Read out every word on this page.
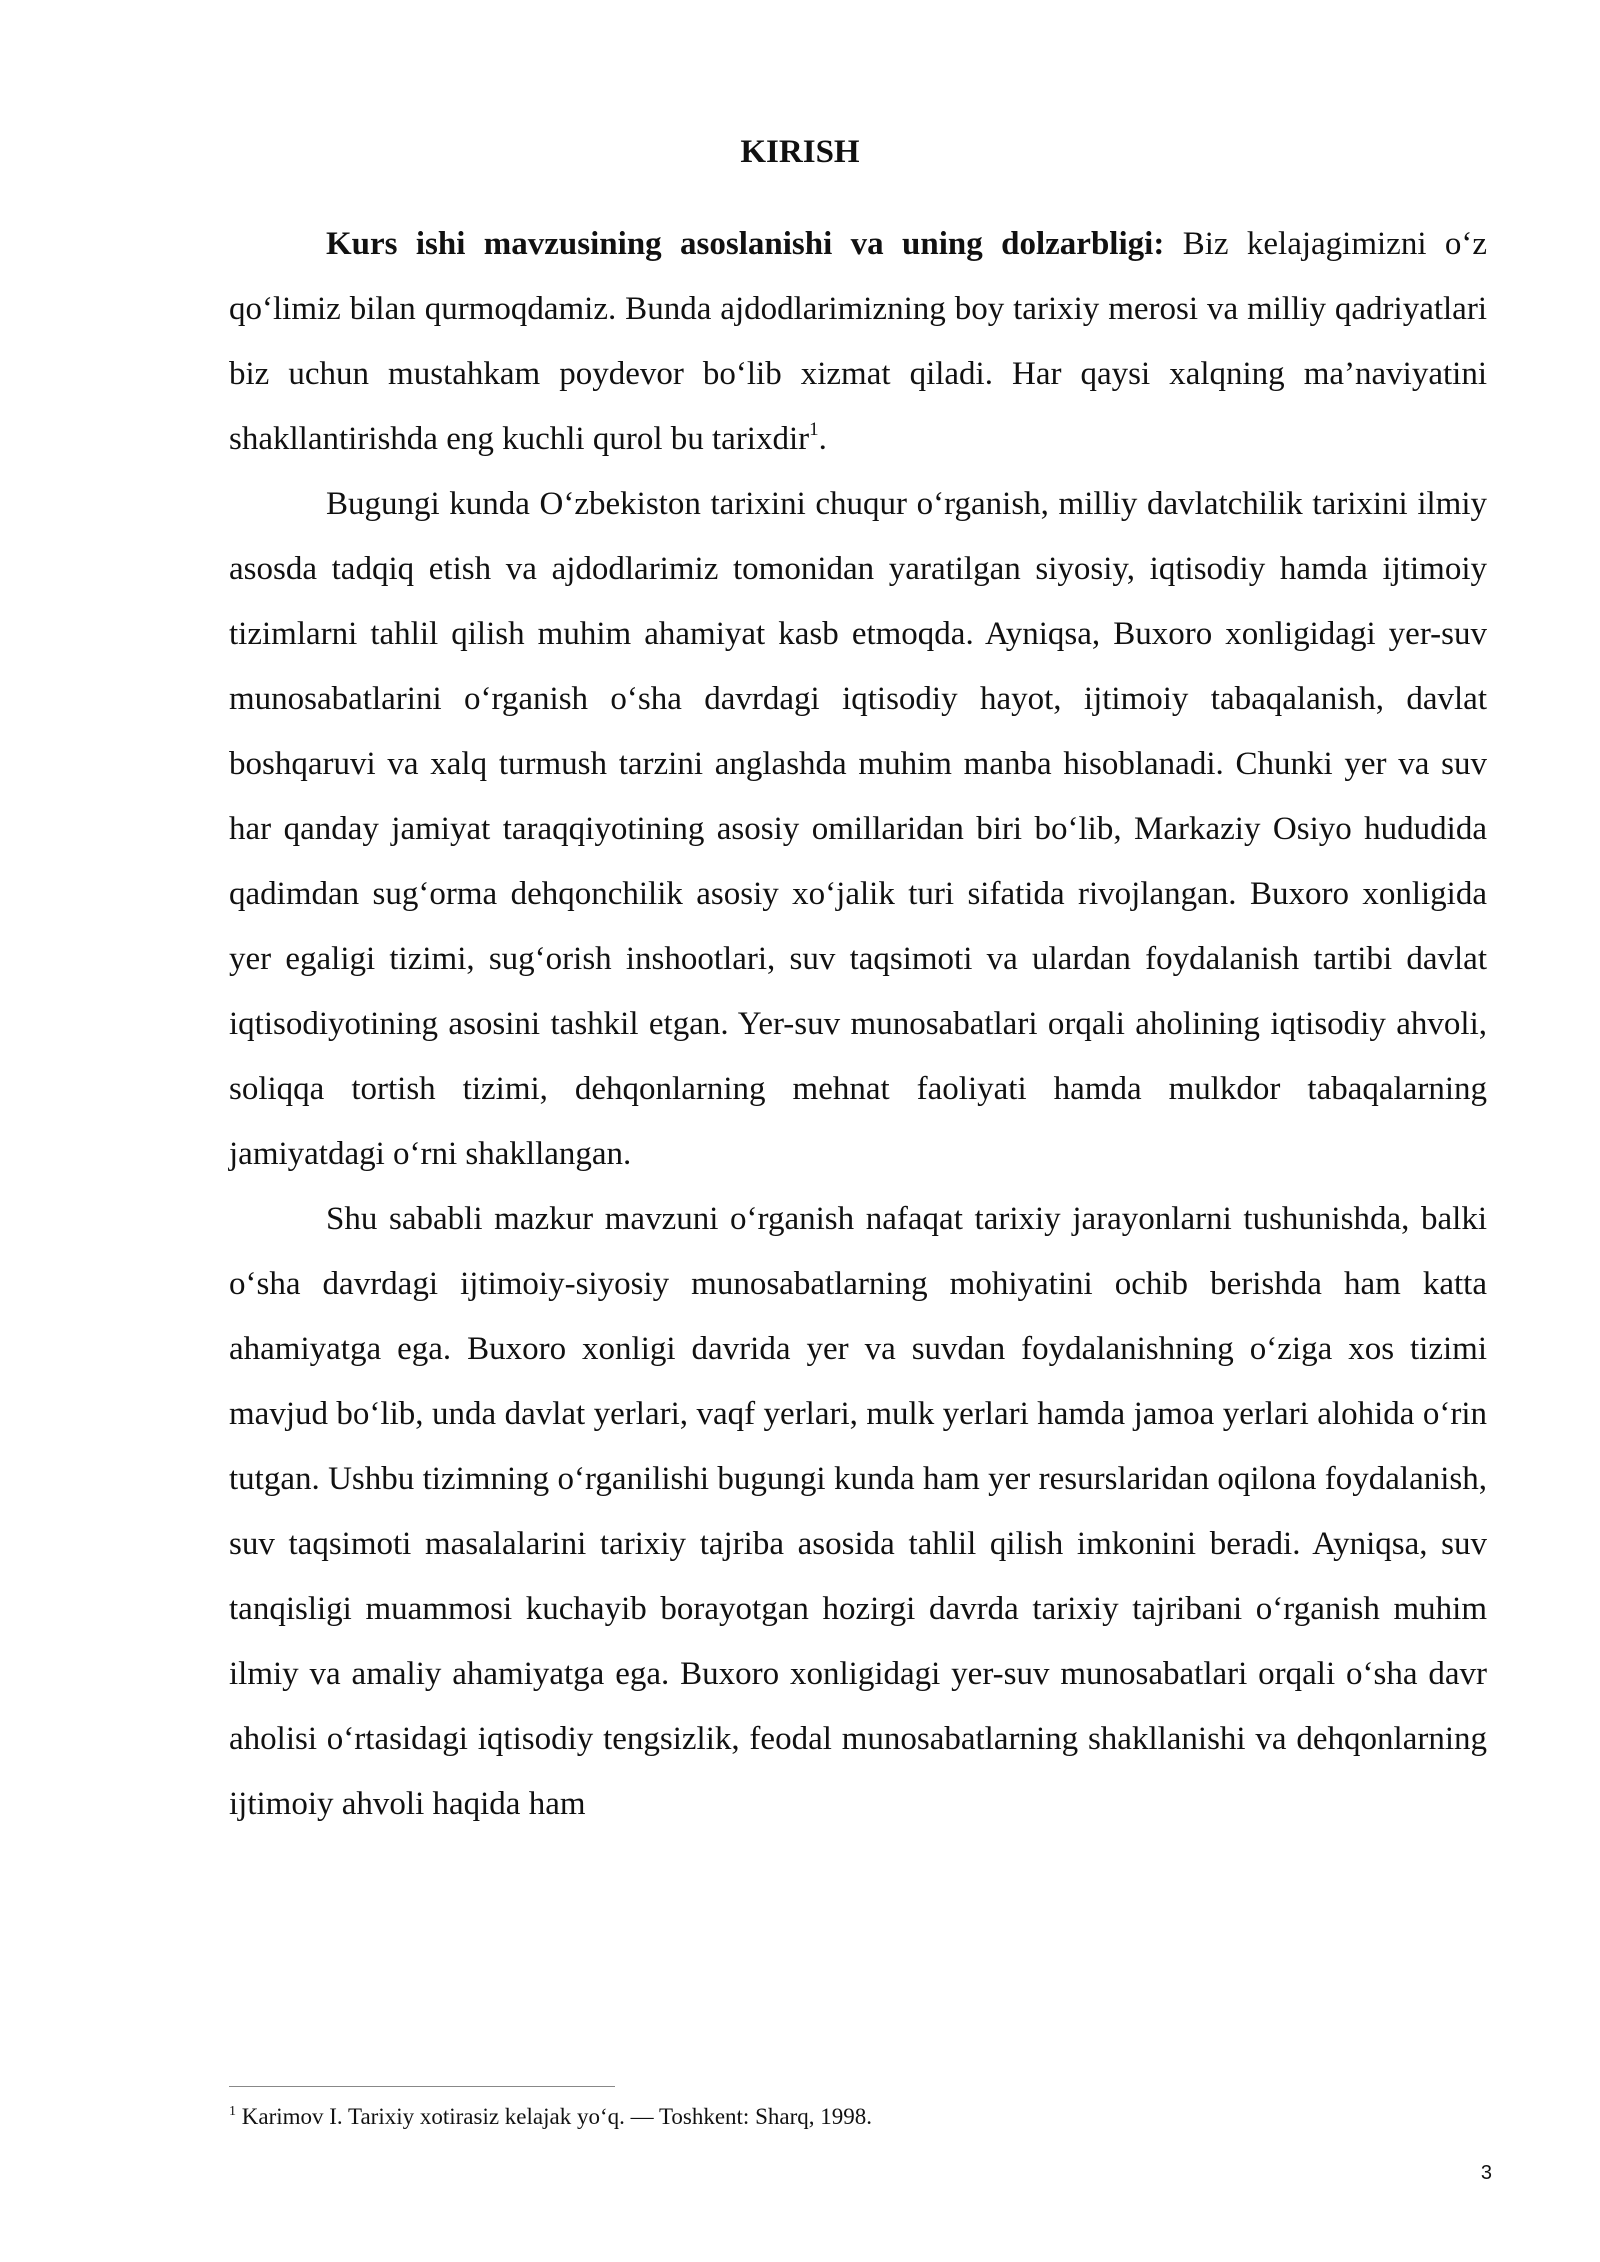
KIRISH

Kurs ishi mavzusining asoslanishi va uning dolzarbligi: Biz kelajagimizni o‘z qo‘limiz bilan qurmoqdamiz. Bunda ajdodlarimizning boy tarixiy merosi va milliy qadriyatlari biz uchun mustahkam poydevor bo‘lib xizmat qiladi. Har qaysi xalqning ma’naviyatini shakllantirishda eng kuchli qurol bu tarixdir$^1$.

Bugungi kunda O‘zbekiston tarixini chuqur o‘rganish, milliy davlatchilik tarixini ilmiy asosda tadqiq etish va ajdodlarimiz tomonidan yaratilgan siyosiy, iqtisodiy hamda ijtimoiy tizimlarni tahlil qilish muhim ahamiyat kasb etmoqda. Ayniqsa, Buxoro xonligidagi yer-suv munosabatlarini o‘rganish o‘sha davrdagi iqtisodiy hayot, ijtimoiy tabaqalanish, davlat boshqaruvi va xalq turmush tarzini anglashda muhim manba hisoblanadi. Chunki yer va suv har qanday jamiyat taraqqiyotining asosiy omillaridan biri bo‘lib, Markaziy Osiyo hududida qadimdan sug‘orma dehqonchilik asosiy xo‘jalik turi sifatida rivojlangan. Buxoro xonligida yer egaligi tizimi, sug‘orish inshootlari, suv taqsimoti va ulardan foydalanish tartibi davlat iqtisodiyotining asosini tashkil etgan. Yer-suv munosabatlari orqali aholining iqtisodiy ahvoli, soliqqa tortish tizimi, dehqonlarning mehnat faoliyati hamda mulkdor tabaqalarning jamiyatdagi o‘rni shakllangan.

Shu sababli mazkur mavzuni o‘rganish nafaqat tarixiy jarayonlarni tushunishda, balki o‘sha davrdagi ijtimoiy-siyosiy munosabatlarning mohiyatini ochib berishda ham katta ahamiyatga ega. Buxoro xonligi davrida yer va suvdan foydalanishning o‘ziga xos tizimi mavjud bo‘lib, unda davlat yerlari, vaqf yerlari, mulk yerlari hamda jamoa yerlari alohida o‘rin tutgan. Ushbu tizimning o‘rganilishi bugungi kunda ham yer resurslaridan oqilona foydalanish, suv taqsimoti masalalarini tarixiy tajriba asosida tahlil qilish imkonini beradi. Ayniqsa, suv tanqisligi muammosi kuchayib borayotgan hozirgi davrda tarixiy tajribani o‘rganish muhim ilmiy va amaliy ahamiyatga ega. Buxoro xonligidagi yer-suv munosabatlari orqali o‘sha davr aholisi o‘rtasidagi iqtisodiy tengsizlik, feodal munosabatlarning shakllanishi va dehqonlarning ijtimoiy ahvoli haqida ham

$^1$ Karimov I. Tarixiy xotirasiz kelajak yo‘q. — Toshkent: Sharq, 1998.

3
